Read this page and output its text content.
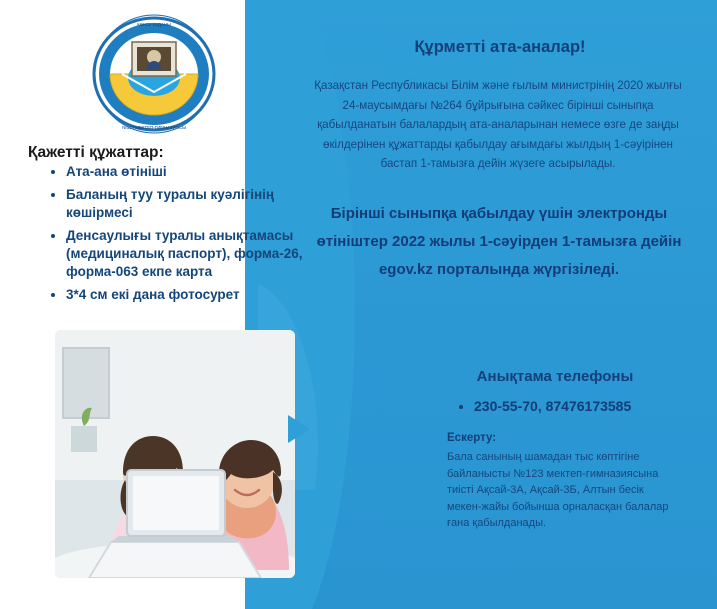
КӨКСУ АУДАНЫ
№123 МЕКТЕП-ГИМНАЗИЯСЫ
Қажетті құжаттар:
• Ата-ана өтініші
• Баланың туу туралы куәлігінің көшірмесі
• Денсаулығы туралы анықтамасы (медициналық паспорт), форма-26, форма-063 екпе карта
• 3*4 см екі дана фотосурет
Құрметті ата-аналар!
Қазақстан Республикасы Білім және ғылым министрінің 2020 жылғы 24-маусымдағы №264 бұйрығына сәйкес бірінші сыныпқа қабылданатын балалардың ата-аналарынан немесе өзге де заңды өкілдерінен құжаттарды қабылдау ағымдағы жылдың 1-сәуірінен бастап 1-тамызға дейін жүзеге асырылады.
Бірінші сыныпқа қабылдау үшін электронды өтініштер 2022 жылы 1-сәуірден 1-тамызға дейін egov.kz порталында жүргізіледі.
Анықтама телефоны
• 230-55-70, 87476173585
Ескерту:
Бала санының шамадан тыс көптігіне байланысты №123 мектеп-гимназиясына тиісті Ақсай-3А, Ақсай-3Б, Алтын бесік мекен-жайы бойынша орналасқан балалар ғана қабылданады.
